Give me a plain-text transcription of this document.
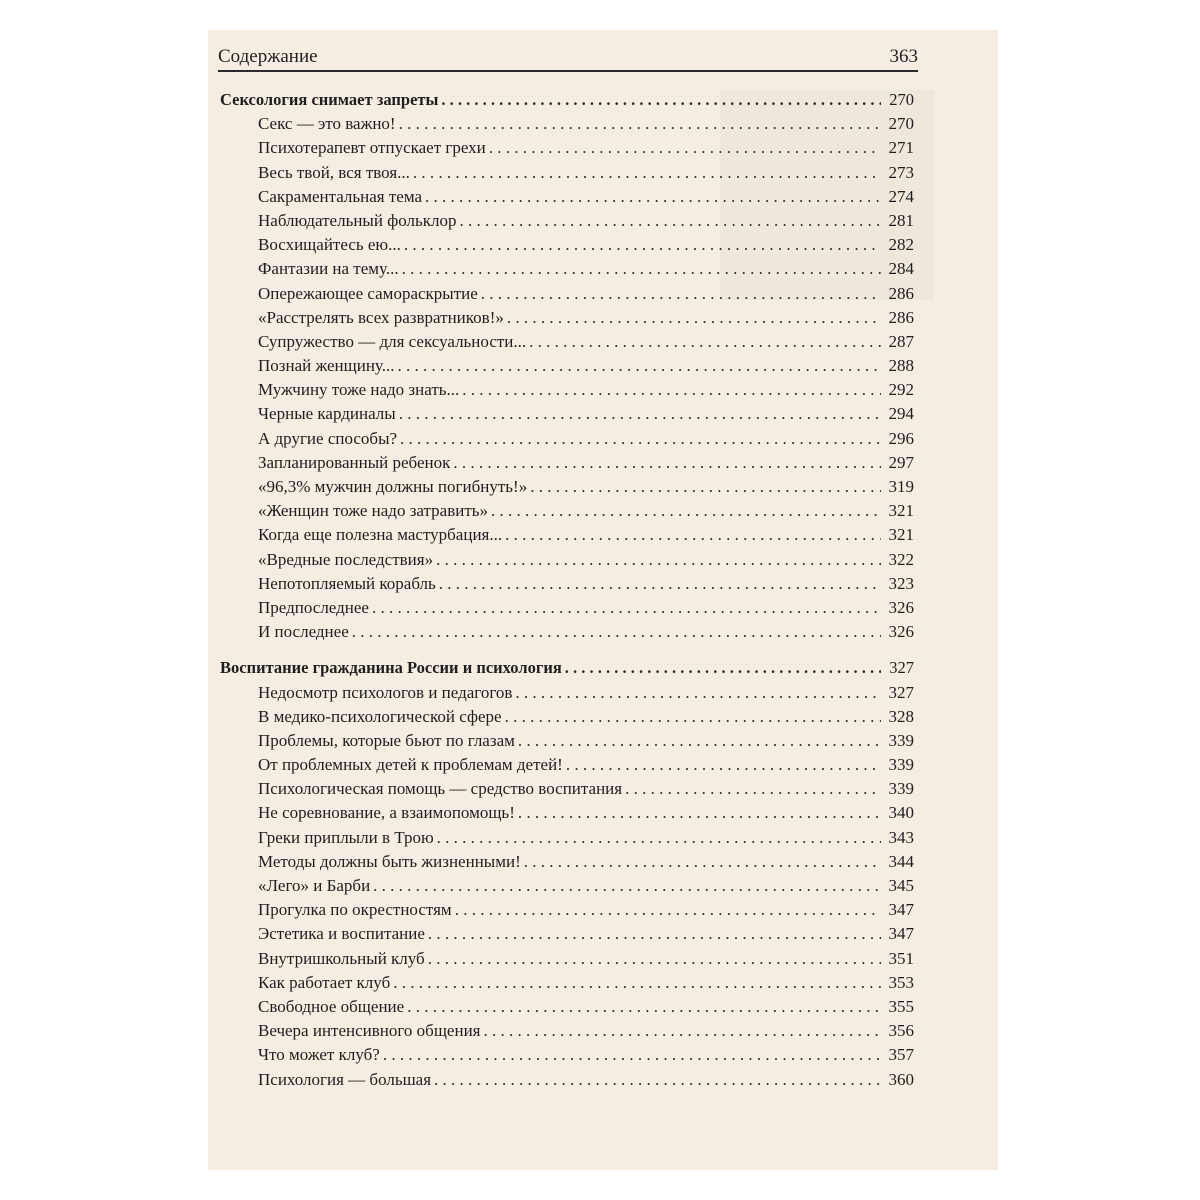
Содержание	363
Сексология снимает запреты . . .	270
Секс — это важно! . . .	270
Психотерапевт отпускает грехи . . .	271
Весь твой, вся твоя... . . .	273
Сакраментальная тема . . .	274
Наблюдательный фольклор . . .	281
Восхищайтесь ею... . . .	282
Фантазии на тему... . . .	284
Опережающее самораскрытие . . .	286
«Расстрелять всех развратников!» . . .	286
Супружество — для сексуальности... . . .	287
Познай женщину... . . .	288
Мужчину тоже надо знать... . . .	292
Черные кардиналы . . .	294
А другие способы? . . .	296
Запланированный ребенок . . .	297
«96,3% мужчин должны погибнуть!» . . .	319
«Женщин тоже надо затравить» . . .	321
Когда еще полезна мастурбация... . . .	321
«Вредные последствия» . . .	322
Непотопляемый корабль . . .	323
Предпоследнее . . .	326
И последнее . . .	326
Воспитание гражданина России и психология . . .	327
Недосмотр психологов и педагогов . . .	327
В медико-психологической сфере . . .	328
Проблемы, которые бьют по глазам . . .	339
От проблемных детей к проблемам детей! . . .	339
Психологическая помощь — средство воспитания . . .	339
Не соревнование, а взаимопомощь! . . .	340
Греки приплыли в Трою . . .	343
Методы должны быть жизненными! . . .	344
«Лего» и Барби . . .	345
Прогулка по окрестностям . . .	347
Эстетика и воспитание . . .	347
Внутришкольный клуб . . .	351
Как работает клуб . . .	353
Свободное общение . . .	355
Вечера интенсивного общения . . .	356
Что может клуб? . . .	357
Психология — большая . . .	360
